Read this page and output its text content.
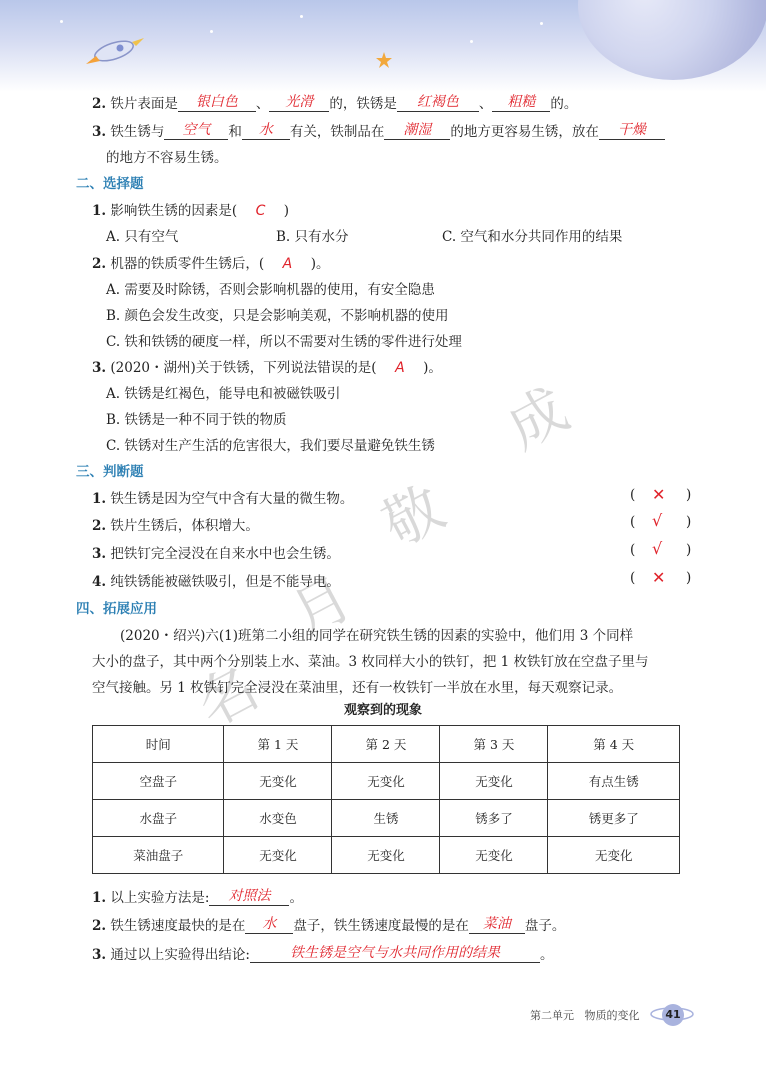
成
敬
月
名
2. 铁片表面是 银白色 、 光滑 的，铁锈是 红褐色 、 粗糙 的。
3. 铁生锈与 空气 和 水 有关，铁制品在 潮湿 的地方更容易生锈，放在 干燥
的地方不容易生锈。
二、选择题
1. 影响铁生锈的因素是( C )
A. 只有空气	B. 只有水分	C. 空气和水分共同作用的结果
2. 机器的铁质零件生锈后，( A )。
A. 需要及时除锈，否则会影响机器的使用，有安全隐患
B. 颜色会发生改变，只是会影响美观，不影响机器的使用
C. 铁和铁锈的硬度一样，所以不需要对生锈的零件进行处理
3. (2020・湖州)关于铁锈，下列说法错误的是( A )。
A. 铁锈是红褐色，能导电和被磁铁吸引
B. 铁锈是一种不同于铁的物质
C. 铁锈对生产生活的危害很大，我们要尽量避免铁生锈
三、判断题
1. 铁生锈是因为空气中含有大量的微生物。	( ✕ )
2. 铁片生锈后，体积增大。	( √ )
3. 把铁钉完全浸没在自来水中也会生锈。	( √ )
4. 纯铁锈能被磁铁吸引，但是不能导电。	( ✕ )
四、拓展应用
(2020・绍兴)六(1)班第二小组的同学在研究铁生锈的因素的实验中，他们用 3 个同样
大小的盘子，其中两个分别装上水、菜油。3 枚同样大小的铁钉，把 1 枚铁钉放在空盘子里与
空气接触。另 1 枚铁钉完全浸没在菜油里，还有一枚铁钉一半放在水里，每天观察记录。
观察到的现象
时间	第 1 天	第 2 天	第 3 天	第 4 天
空盘子	无变化	无变化	无变化	有点生锈
水盘子	水变色	生锈	锈多了	锈更多了
菜油盘子	无变化	无变化	无变化	无变化
1. 以上实验方法是: 对照法 。
2. 铁生锈速度最快的是在 水 盘子，铁生锈速度最慢的是在 菜油 盘子。
3. 通过以上实验得出结论:	铁生锈是空气与水共同作用的结果	。
第二单元 物质的变化	41
